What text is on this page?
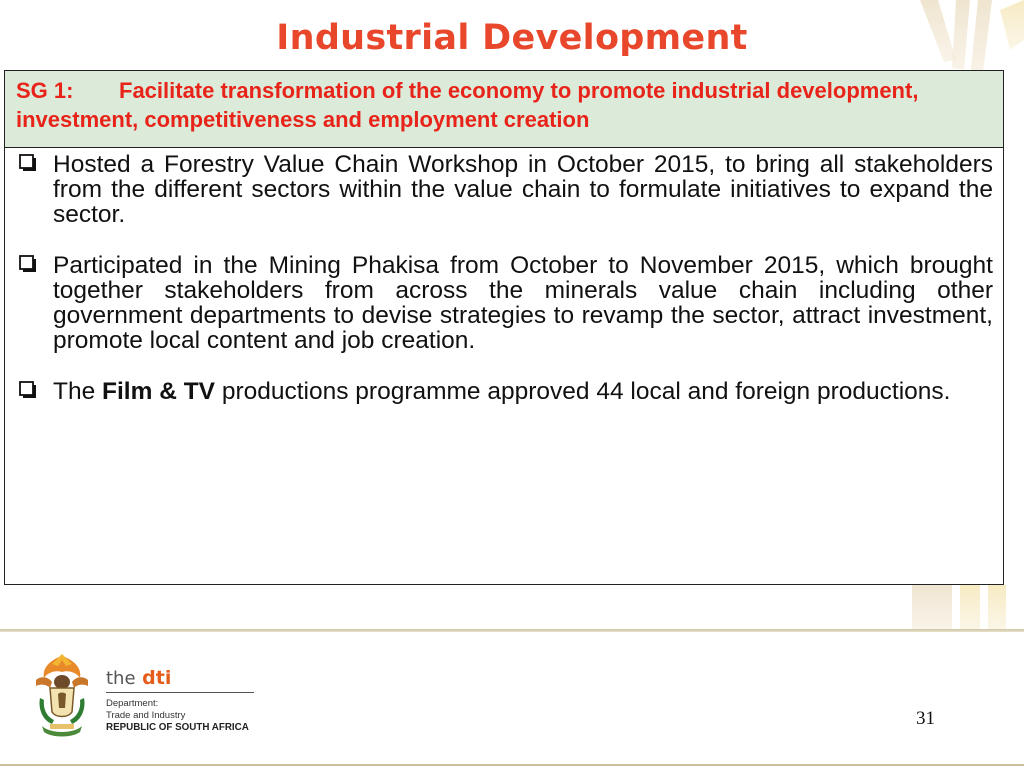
Industrial Development
SG 1: Facilitate transformation of the economy to promote industrial development, investment, competitiveness and employment creation
Hosted a Forestry Value Chain Workshop in October 2015, to bring all stakeholders from the different sectors within the value chain to formulate initiatives to expand the sector.
Participated in the Mining Phakisa from October to November 2015, which brought together stakeholders from across the minerals value chain including other government departments to devise strategies to revamp the sector, attract investment, promote local content and job creation.
The Film & TV productions programme approved 44 local and foreign productions.
the dti
Department:
Trade and Industry
REPUBLIC OF SOUTH AFRICA	31
